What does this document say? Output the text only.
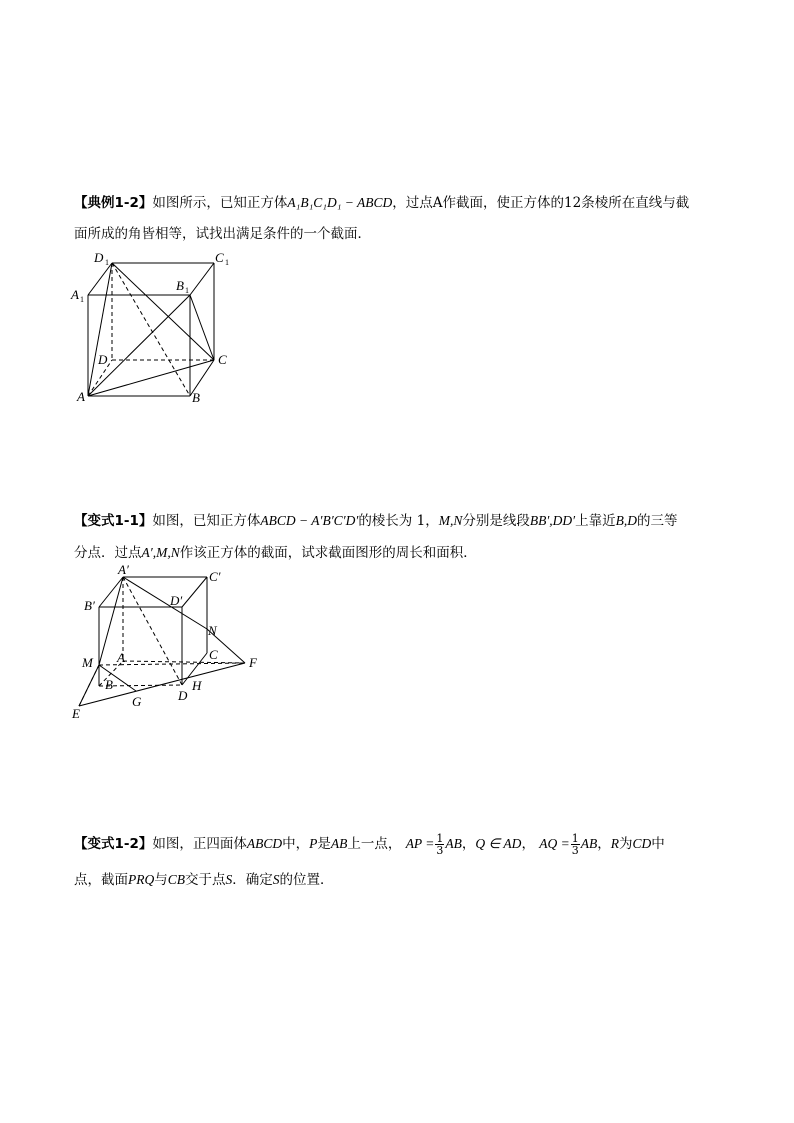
【典例1-2】如图所示，已知正方体A₁B₁C₁D₁ − ABCD，过点A作截面，使正方体的12条棱所在直线与截
面所成的角皆相等，试找出满足条件的一个截面．
D 1	C 1
A 1
B 1
D	C
A	B
【变式1-1】如图，已知正方体ABCD − A′B′C′D′的棱长为 1，M,N分别是线段BB′,DD′上靠近B,D的三等
分点．过点A′,M,N作该正方体的截面，试求截面图形的周长和面积．
A′	C′
B′	D′
N
M A	C
F
B	H
D
E
G
【变式1-2】如图，正四面体ABCD中，P是AB上一点， AP = $\frac{1}{3}$ AB，Q ∈ AD， AQ = $\frac{1}{3}$ AB，R为CD中
点，截面PRQ与CB交于点S．确定S的位置．
